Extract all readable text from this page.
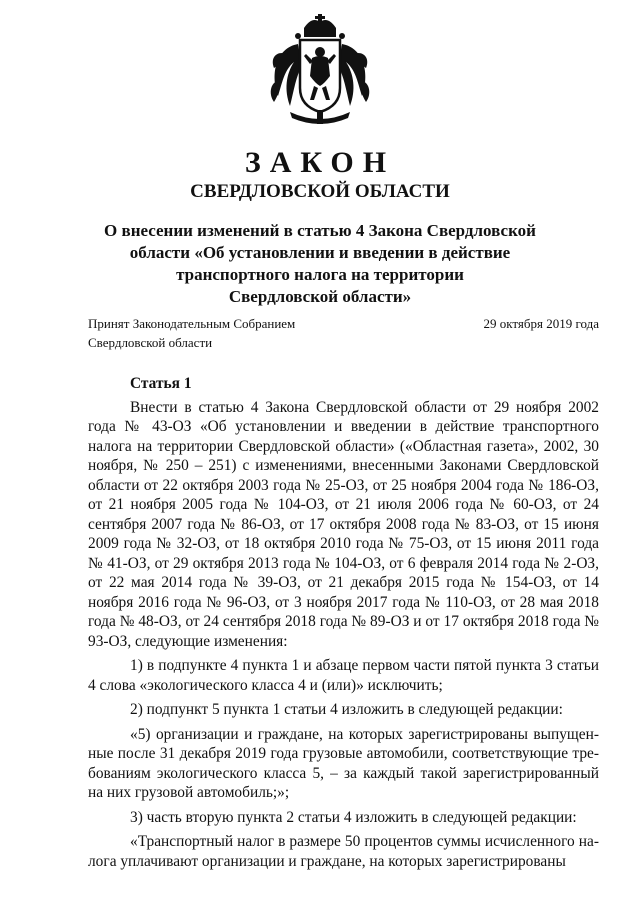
ЗАКОН
СВЕРДЛОВСКОЙ ОБЛАСТИ
О внесении изменений в статью 4 Закона Свердловской
области «Об установлении и введении в действие
транспортного налога на территории
Свердловской области»
Принят Законодательным Собранием
Свердловской области
29 октября 2019 года
Статья 1

Внести в статью 4 Закона Свердловской области от 29 ноября 2002 года № 43-ОЗ «Об установлении и введении в действие транспортного налога на территории Свердловской области» («Областная газета», 2002, 30 ноября, № 250 – 251) с изменениями, внесенными Законами Свердловской области от 22 октября 2003 года № 25-ОЗ, от 25 ноября 2004 года № 186-ОЗ, от 21 ноября 2005 года № 104-ОЗ, от 21 июля 2006 года № 60-ОЗ, от 24 сентября 2007 года № 86-ОЗ, от 17 октября 2008 года № 83-ОЗ, от 15 июня 2009 года № 32-ОЗ, от 18 октября 2010 года № 75-ОЗ, от 15 июня 2011 года № 41-ОЗ, от 29 октября 2013 года № 104-ОЗ, от 6 февраля 2014 года № 2-ОЗ, от 22 мая 2014 года № 39-ОЗ, от 21 декабря 2015 года № 154-ОЗ, от 14 ноября 2016 года № 96-ОЗ, от 3 ноября 2017 года № 110-ОЗ, от 28 мая 2018 года № 48-ОЗ, от 24 сентября 2018 года № 89-ОЗ и от 17 октября 2018 года № 93-ОЗ, следующие изменения:

1) в подпункте 4 пункта 1 и абзаце первом части пятой пункта 3 статьи 4 слова «экологического класса 4 и (или)» исключить;

2) подпункт 5 пункта 1 статьи 4 изложить в следующей редакции:

«5) организации и граждане, на которых зарегистрированы выпущенные после 31 декабря 2019 года грузовые автомобили, соответствующие требованиям экологического класса 5, – за каждый такой зарегистрированный на них грузовой автомобиль;»;

3) часть вторую пункта 2 статьи 4 изложить в следующей редакции:

«Транспортный налог в размере 50 процентов суммы исчисленного налога уплачивают организации и граждане, на которых зарегистрированы
